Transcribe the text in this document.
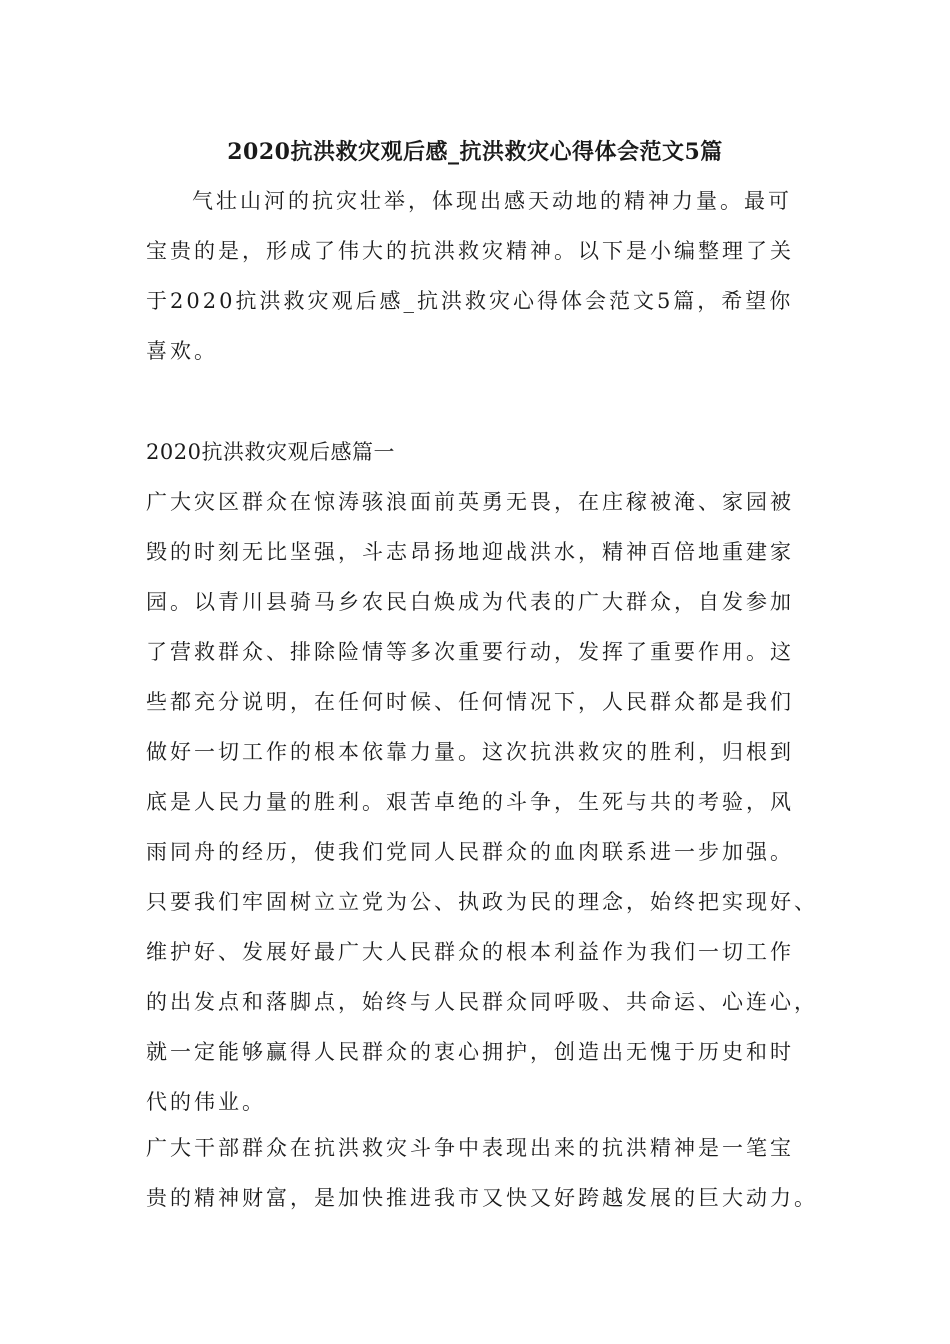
2020抗洪救灾观后感_抗洪救灾心得体会范文5篇

气壮山河的抗灾壮举，体现出感天动地的精神力量。最可
宝贵的是，形成了伟大的抗洪救灾精神。以下是小编整理了关
于2020抗洪救灾观后感_抗洪救灾心得体会范文5篇，希望你
喜欢。

2020抗洪救灾观后感篇一

广大灾区群众在惊涛骇浪面前英勇无畏，在庄稼被淹、家园被
毁的时刻无比坚强，斗志昂扬地迎战洪水，精神百倍地重建家
园。以青川县骑马乡农民白焕成为代表的广大群众，自发参加
了营救群众、排除险情等多次重要行动，发挥了重要作用。这
些都充分说明，在任何时候、任何情况下，人民群众都是我们
做好一切工作的根本依靠力量。这次抗洪救灾的胜利，归根到
底是人民力量的胜利。艰苦卓绝的斗争，生死与共的考验，风
雨同舟的经历，使我们党同人民群众的血肉联系进一步加强。
只要我们牢固树立立党为公、执政为民的理念，始终把实现好、
维护好、发展好最广大人民群众的根本利益作为我们一切工作
的出发点和落脚点，始终与人民群众同呼吸、共命运、心连心，
就一定能够赢得人民群众的衷心拥护，创造出无愧于历史和时
代的伟业。

广大干部群众在抗洪救灾斗争中表现出来的抗洪精神是一笔宝
贵的精神财富，是加快推进我市又快又好跨越发展的巨大动力。
